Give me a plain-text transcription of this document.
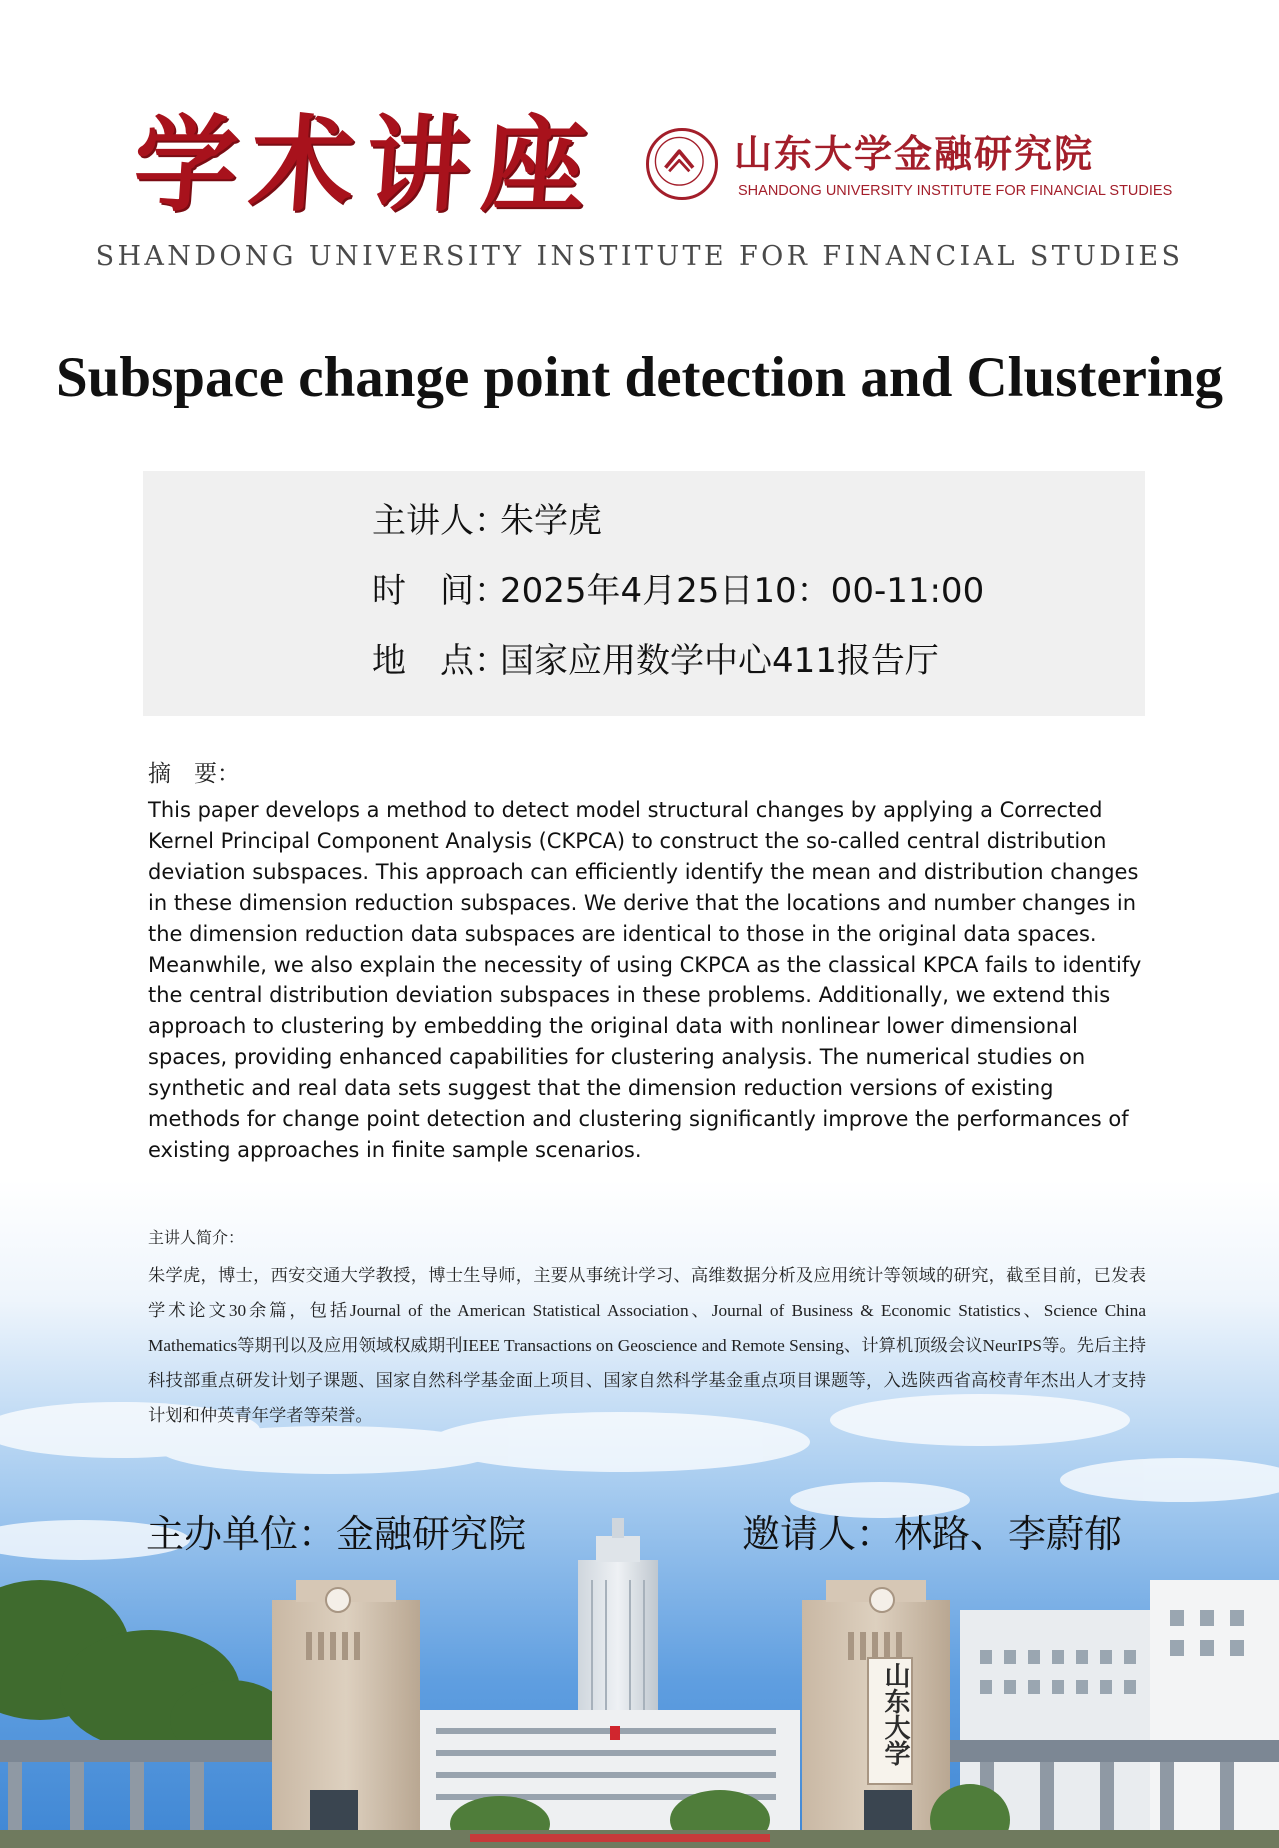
学术讲座	山东大学金融研究院

SHANDONG UNIVERSITY INSTITUTE FOR FINANCIAL STUDIES

SHANDONG UNIVERSITY INSTITUTE FOR FINANCIAL STUDIES

Subspace change point detection and Clustering
主讲人：朱学虎
时　间：2025年4月25日10：00-11:00
地　点：国家应用数学中心411报告厅

摘　要：

This paper develops a method to detect model structural changes by applying a Corrected Kernel Principal Component Analysis (CKPCA) to construct the so-called central distribution deviation subspaces. This approach can efficiently identify the mean and distribution changes in these dimension reduction subspaces. We derive that the locations and number changes in the dimension reduction data subspaces are identical to those in the original data spaces. Meanwhile, we also explain the necessity of using CKPCA as the classical KPCA fails to identify the central distribution deviation subspaces in these problems. Additionally, we extend this approach to clustering by embedding the original data with nonlinear lower dimensional spaces, providing enhanced capabilities for clustering analysis. The numerical studies on synthetic and real data sets suggest that the dimension reduction versions of existing methods for change point detection and clustering significantly improve the performances of existing approaches in finite sample scenarios.

主讲人简介：

朱学虎，博士，西安交通大学教授，博士生导师，主要从事统计学习、高维数据分析及应用统计等领域的研究，截至目前，已发表学术论文30余篇，包括Journal of the American Statistical Association、Journal of Business & Economic Statistics、Science China Mathematics等期刊以及应用领域权威期刊IEEE Transactions on Geoscience and Remote Sensing、计算机顶级会议NeurIPS等。先后主持科技部重点研发计划子课题、国家自然科学基金面上项目、国家自然科学基金重点项目课题等，入选陕西省高校青年杰出人才支持计划和仲英青年学者等荣誉。

主办单位：金融研究院	邀请人：林路、李蔚郁

山东大学
